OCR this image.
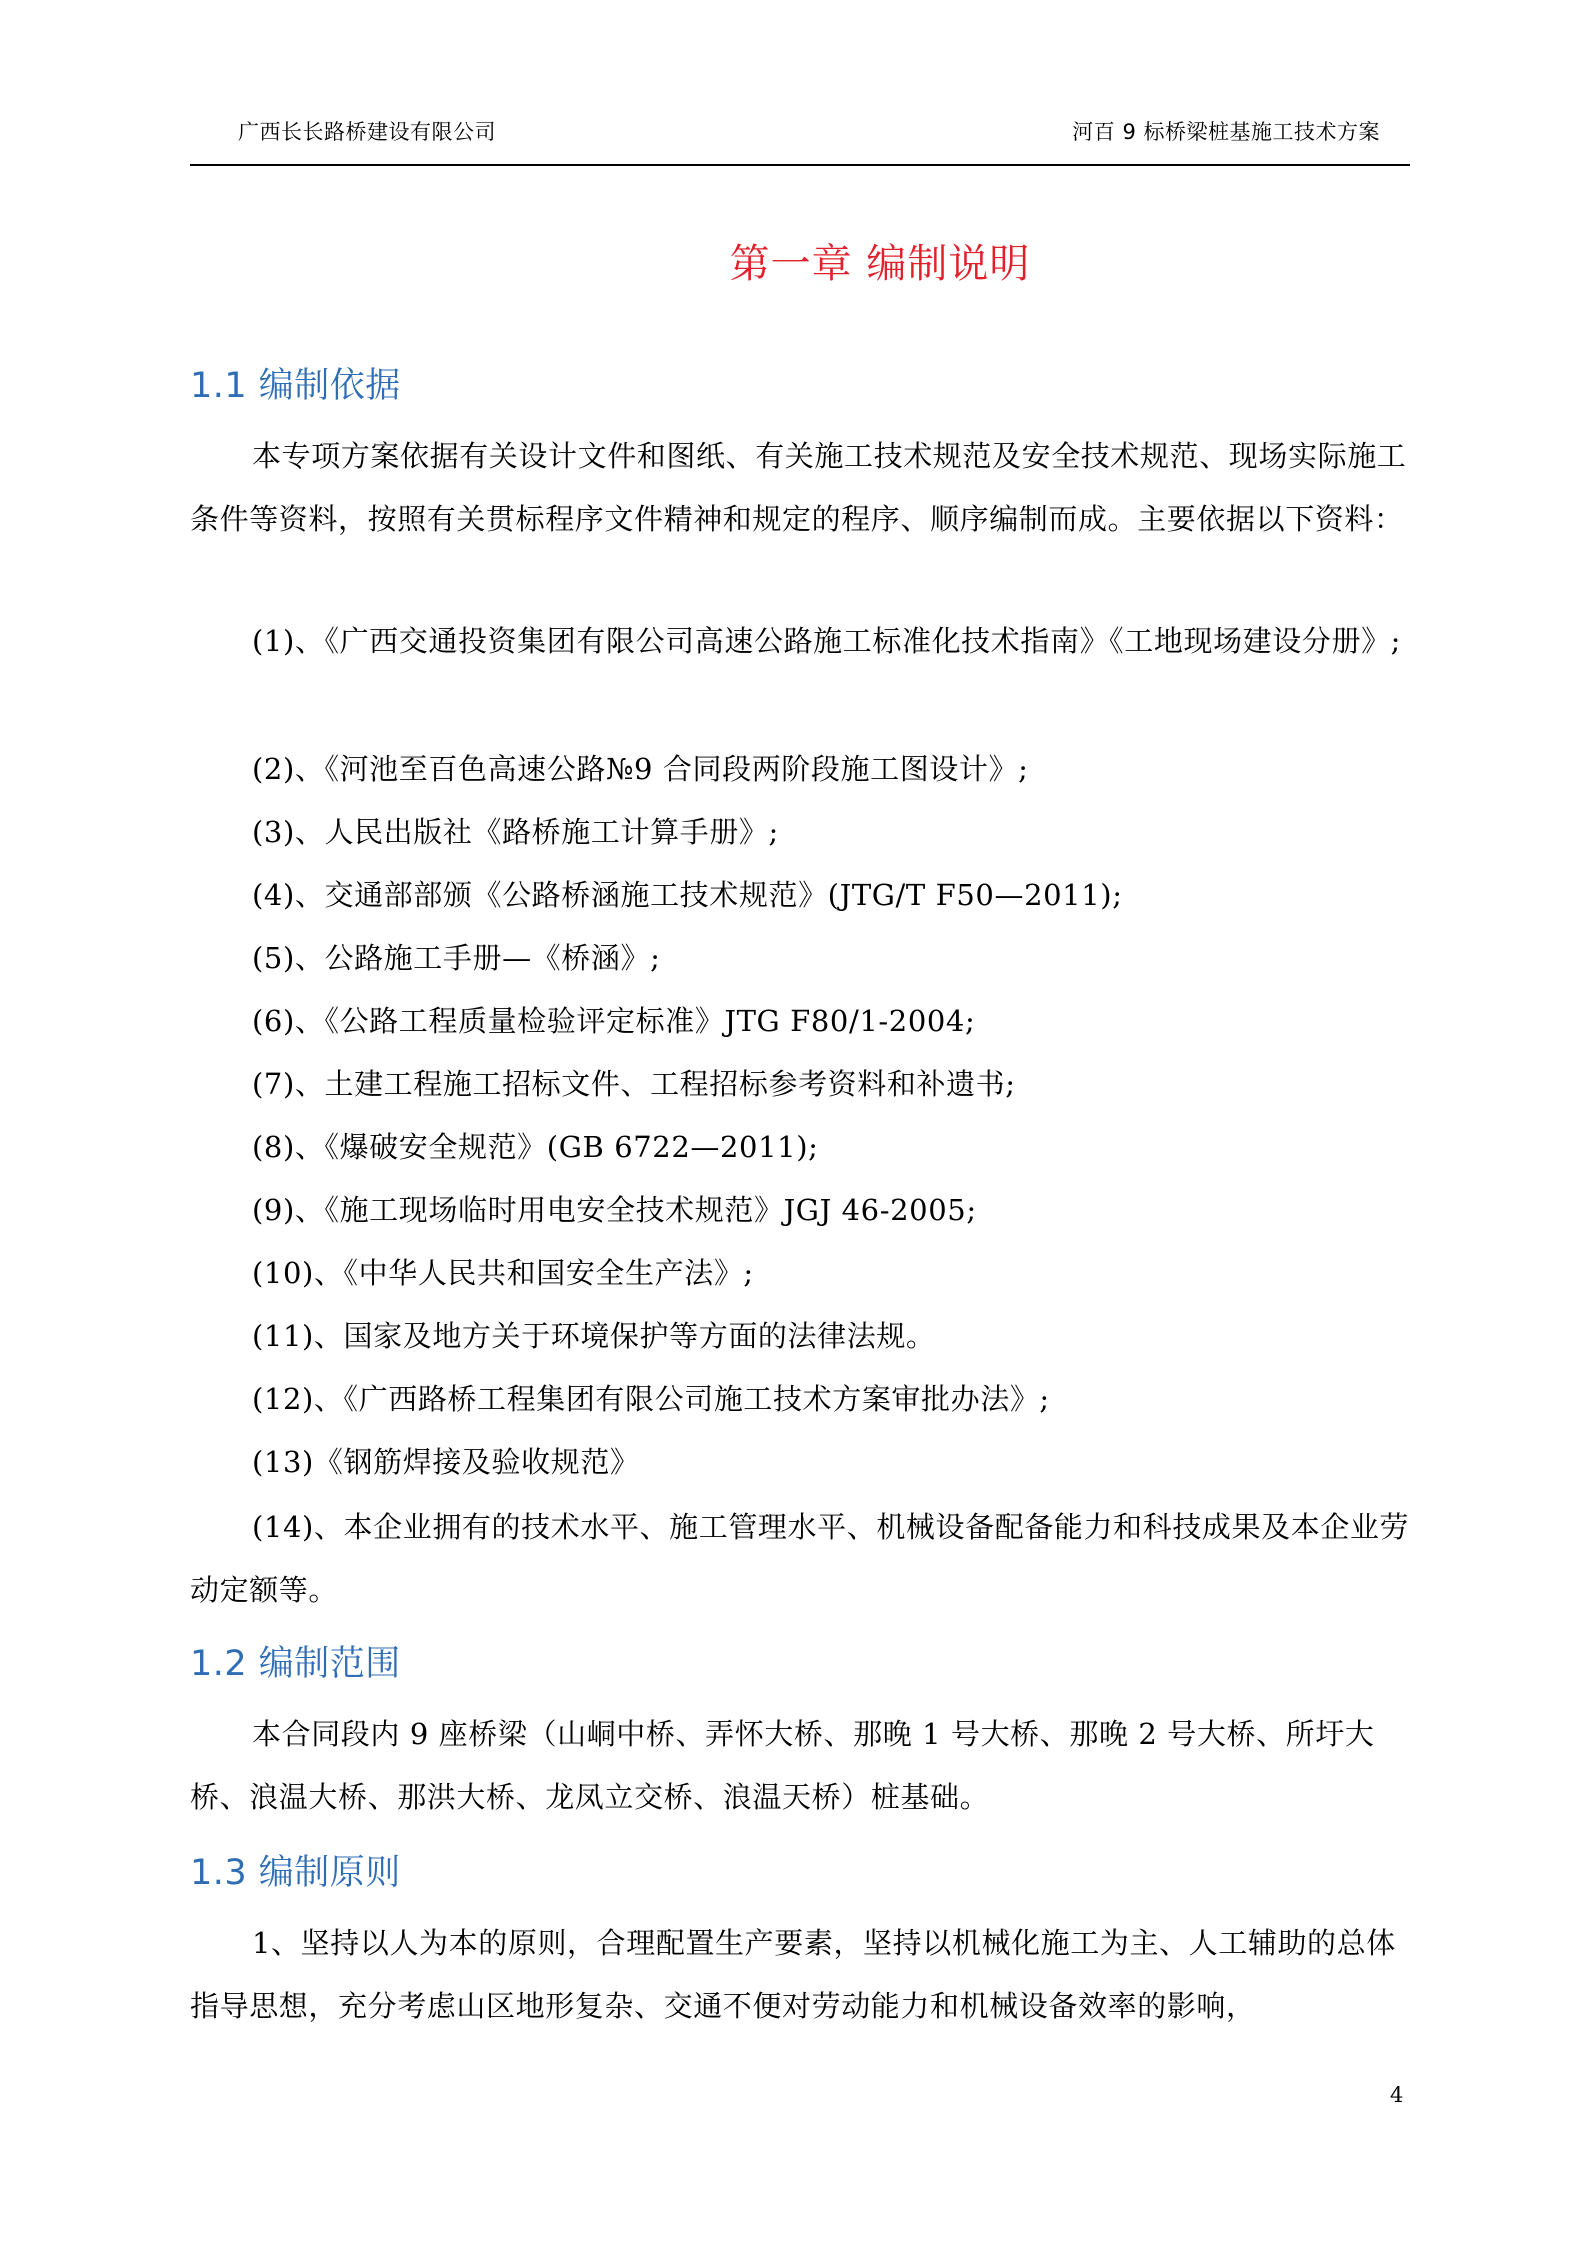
广西长长路桥建设有限公司	河百 9 标桥梁桩基施工技术方案
第一章 编制说明
1.1 编制依据

本专项方案依据有关设计文件和图纸、有关施工技术规范及安全技术规范、现场实际施工条件等资料，按照有关贯标程序文件精神和规定的程序、顺序编制而成。主要依据以下资料：

(1)、《广西交通投资集团有限公司高速公路施工标准化技术指南》《工地现场建设分册》;
(2)、《河池至百色高速公路№9 合同段两阶段施工图设计》;
(3)、人民出版社《路桥施工计算手册》;
(4)、交通部部颁《公路桥涵施工技术规范》(JTG/T F50—2011);
(5)、公路施工手册—《桥涵》;
(6)、《公路工程质量检验评定标准》JTG F80/1-2004;
(7)、土建工程施工招标文件、工程招标参考资料和补遗书;
(8)、《爆破安全规范》(GB 6722—2011);
(9)、《施工现场临时用电安全技术规范》JGJ 46-2005;
(10)、《中华人民共和国安全生产法》;
(11)、国家及地方关于环境保护等方面的法律法规。
(12)、《广西路桥工程集团有限公司施工技术方案审批办法》;
(13)《钢筋焊接及验收规范》
(14)、本企业拥有的技术水平、施工管理水平、机械设备配备能力和科技成果及本企业劳动定额等。
1.2 编制范围

本合同段内 9 座桥梁（山峒中桥、弄怀大桥、那晚 1 号大桥、那晚 2 号大桥、所圩大桥、浪温大桥、那洪大桥、龙凤立交桥、浪温天桥）桩基础。

1.3 编制原则

1、坚持以人为本的原则，合理配置生产要素，坚持以机械化施工为主、人工辅助的总体指导思想，充分考虑山区地形复杂、交通不便对劳动能力和机械设备效率的影响，

4
